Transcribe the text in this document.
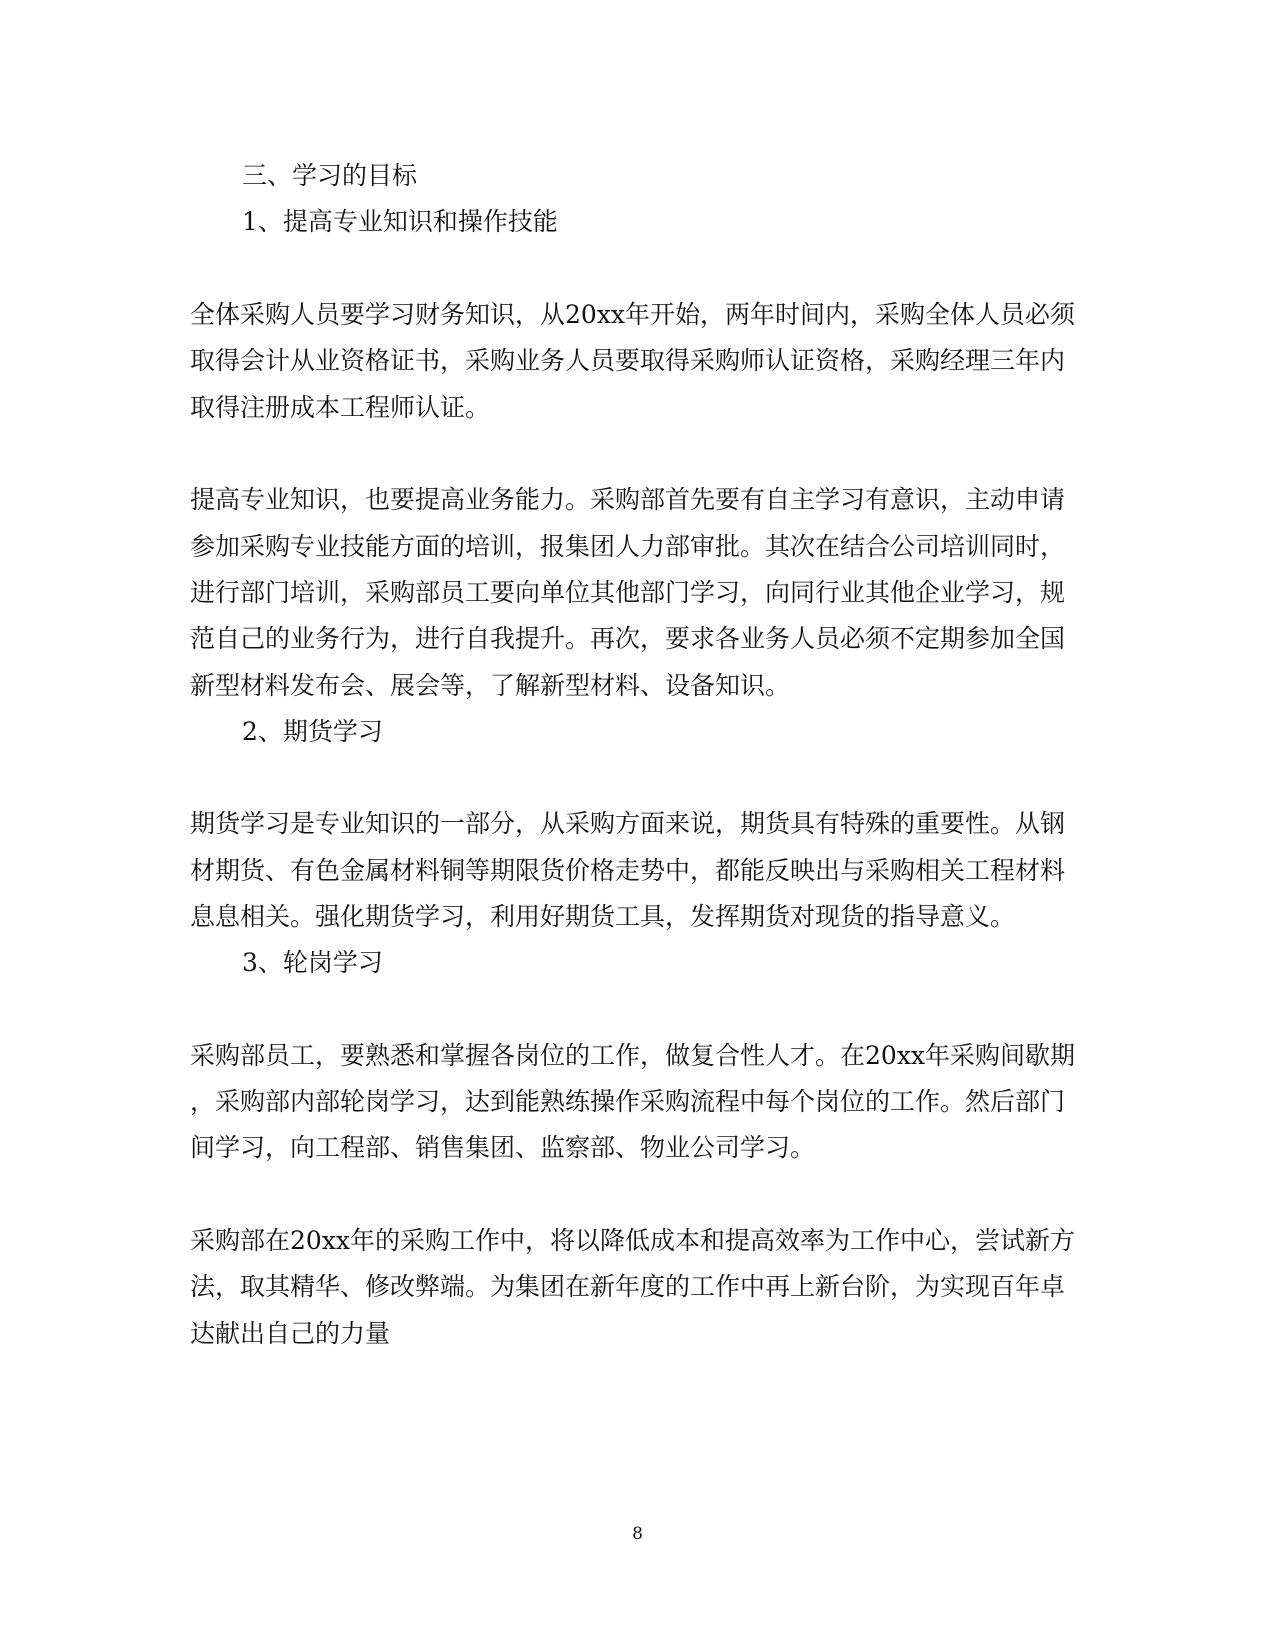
三、学习的目标
1、提高专业知识和操作技能
全体采购人员要学习财务知识，从20xx年开始，两年时间内，采购全体人员必须
取得会计从业资格证书，采购业务人员要取得采购师认证资格，采购经理三年内
取得注册成本工程师认证。
提高专业知识，也要提高业务能力。采购部首先要有自主学习有意识，主动申请
参加采购专业技能方面的培训，报集团人力部审批。其次在结合公司培训同时，
进行部门培训，采购部员工要向单位其他部门学习，向同行业其他企业学习，规
范自己的业务行为，进行自我提升。再次，要求各业务人员必须不定期参加全国
新型材料发布会、展会等，了解新型材料、设备知识。
2、期货学习
期货学习是专业知识的一部分，从采购方面来说，期货具有特殊的重要性。从钢
材期货、有色金属材料铜等期限货价格走势中，都能反映出与采购相关工程材料
息息相关。强化期货学习，利用好期货工具，发挥期货对现货的指导意义。
3、轮岗学习
采购部员工，要熟悉和掌握各岗位的工作，做复合性人才。在20xx年采购间歇期
，采购部内部轮岗学习，达到能熟练操作采购流程中每个岗位的工作。然后部门
间学习，向工程部、销售集团、监察部、物业公司学习。
采购部在20xx年的采购工作中，将以降低成本和提高效率为工作中心，尝试新方
法，取其精华、修改弊端。为集团在新年度的工作中再上新台阶，为实现百年卓
达献出自己的力量
8
